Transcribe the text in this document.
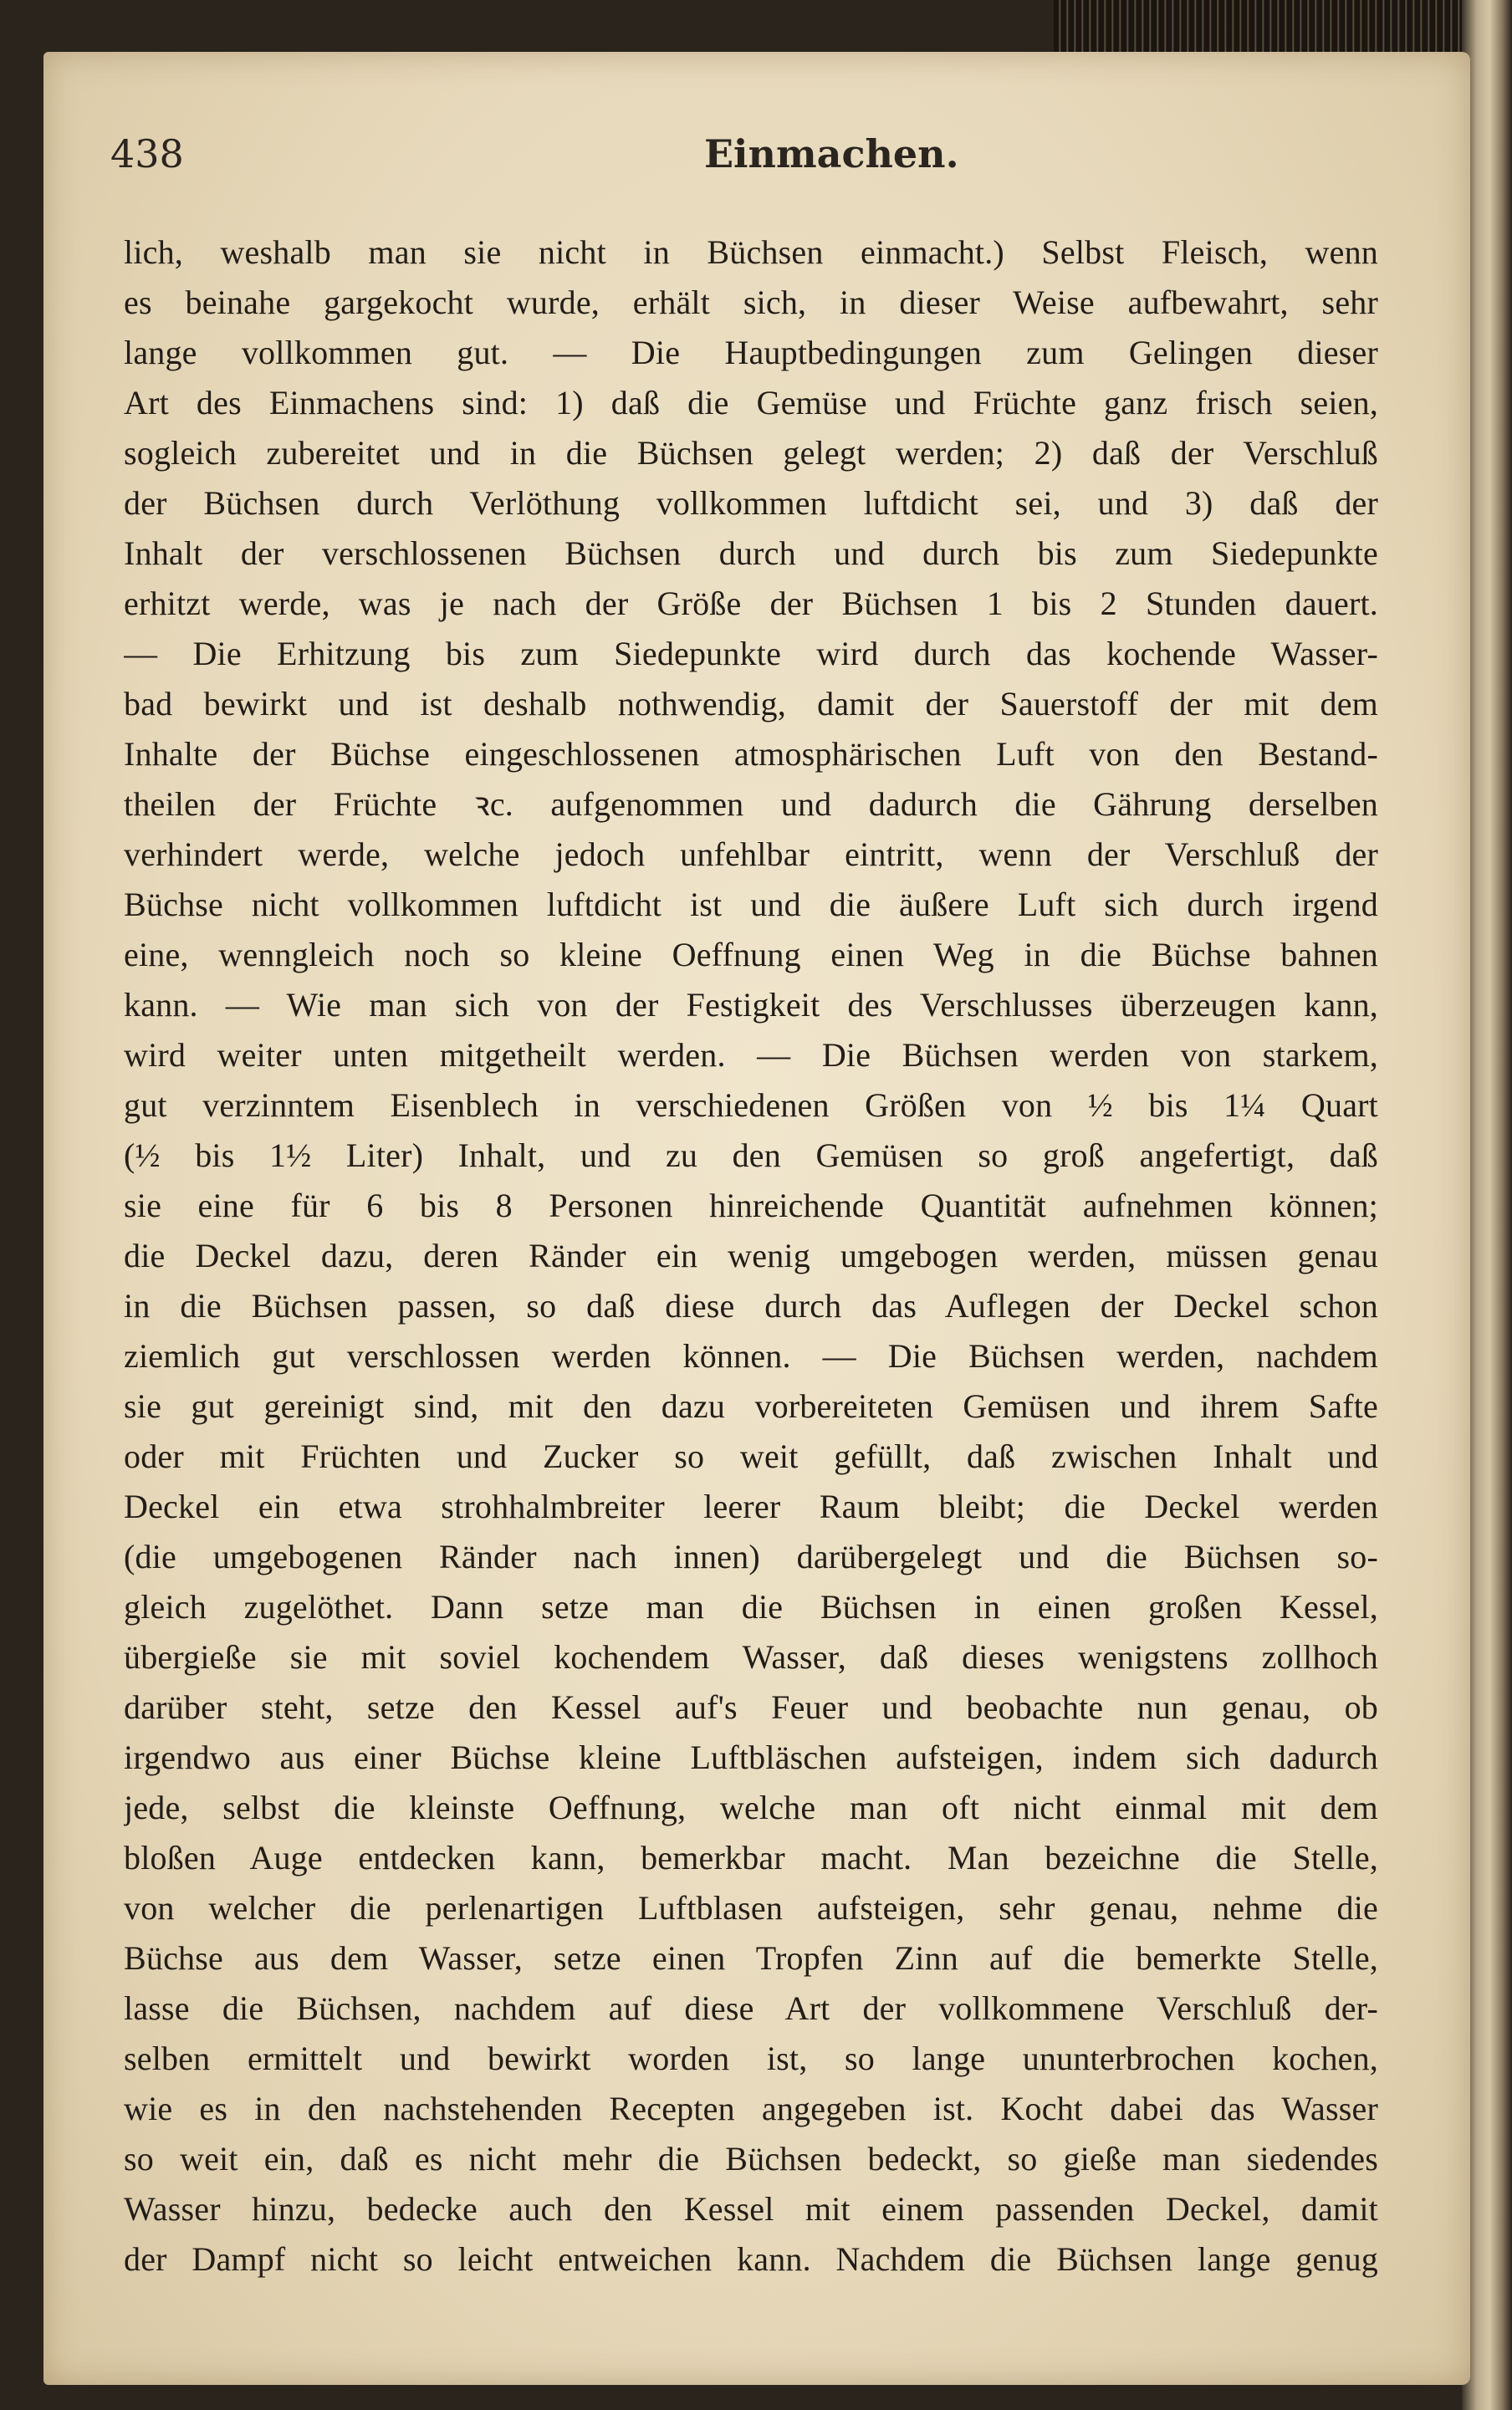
438	Einmachen.
lich, weshalb man sie nicht in Büchsen einmacht.) Selbst Fleisch, wenn
es beinahe gargekocht wurde, erhält sich, in dieser Weise aufbewahrt, sehr
lange vollkommen gut. — Die Hauptbedingungen zum Gelingen dieser
Art des Einmachens sind: 1) daß die Gemüse und Früchte ganz frisch seien,
sogleich zubereitet und in die Büchsen gelegt werden; 2) daß der Verschluß
der Büchsen durch Verlöthung vollkommen luftdicht sei, und 3) daß der
Inhalt der verschlossenen Büchsen durch und durch bis zum Siedepunkte
erhitzt werde, was je nach der Größe der Büchsen 1 bis 2 Stunden dauert.
— Die Erhitzung bis zum Siedepunkte wird durch das kochende Wasser-
bad bewirkt und ist deshalb nothwendig, damit der Sauerstoff der mit dem
Inhalte der Büchse eingeschlossenen atmosphärischen Luft von den Bestand-
theilen der Früchte ꝛc. aufgenommen und dadurch die Gährung derselben
verhindert werde, welche jedoch unfehlbar eintritt, wenn der Verschluß der
Büchse nicht vollkommen luftdicht ist und die äußere Luft sich durch irgend
eine, wenngleich noch so kleine Oeffnung einen Weg in die Büchse bahnen
kann. — Wie man sich von der Festigkeit des Verschlusses überzeugen kann,
wird weiter unten mitgetheilt werden. — Die Büchsen werden von starkem,
gut verzinntem Eisenblech in verschiedenen Größen von ½ bis 1¼ Quart
(½ bis 1½ Liter) Inhalt, und zu den Gemüsen so groß angefertigt, daß
sie eine für 6 bis 8 Personen hinreichende Quantität aufnehmen können;
die Deckel dazu, deren Ränder ein wenig umgebogen werden, müssen genau
in die Büchsen passen, so daß diese durch das Auflegen der Deckel schon
ziemlich gut verschlossen werden können. — Die Büchsen werden, nachdem
sie gut gereinigt sind, mit den dazu vorbereiteten Gemüsen und ihrem Safte
oder mit Früchten und Zucker so weit gefüllt, daß zwischen Inhalt und
Deckel ein etwa strohhalmbreiter leerer Raum bleibt; die Deckel werden
(die umgebogenen Ränder nach innen) darübergelegt und die Büchsen so-
gleich zugelöthet. Dann setze man die Büchsen in einen großen Kessel,
übergieße sie mit soviel kochendem Wasser, daß dieses wenigstens zollhoch
darüber steht, setze den Kessel auf's Feuer und beobachte nun genau, ob
irgendwo aus einer Büchse kleine Luftbläschen aufsteigen, indem sich dadurch
jede, selbst die kleinste Oeffnung, welche man oft nicht einmal mit dem
bloßen Auge entdecken kann, bemerkbar macht. Man bezeichne die Stelle,
von welcher die perlenartigen Luftblasen aufsteigen, sehr genau, nehme die
Büchse aus dem Wasser, setze einen Tropfen Zinn auf die bemerkte Stelle,
lasse die Büchsen, nachdem auf diese Art der vollkommene Verschluß der-
selben ermittelt und bewirkt worden ist, so lange ununterbrochen kochen,
wie es in den nachstehenden Recepten angegeben ist. Kocht dabei das Wasser
so weit ein, daß es nicht mehr die Büchsen bedeckt, so gieße man siedendes
Wasser hinzu, bedecke auch den Kessel mit einem passenden Deckel, damit
der Dampf nicht so leicht entweichen kann. Nachdem die Büchsen lange genug
